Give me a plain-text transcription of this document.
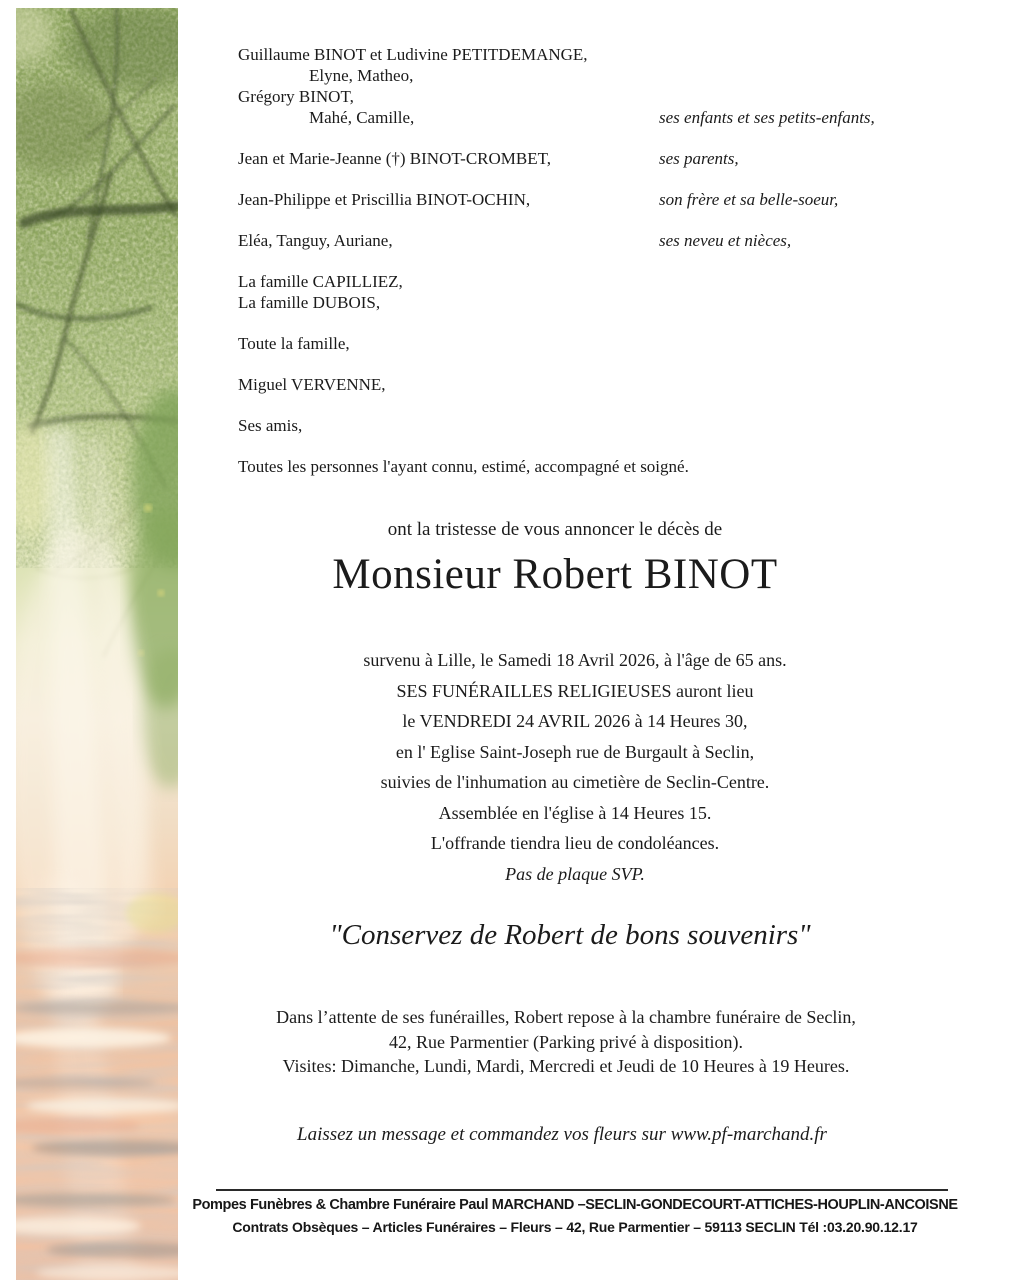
Guillaume BINOT et Ludivine PETITDEMANGE,
Elyne, Matheo,
Grégory BINOT,
Mahé, Camille,	ses enfants et ses petits-enfants,
Jean et Marie-Jeanne (†) BINOT-CROMBET,	ses parents,
Jean-Philippe et Priscillia BINOT-OCHIN,	son frère et sa belle-soeur,
Eléa, Tanguy, Auriane,	ses neveu et nièces,
La famille CAPILLIEZ,
La famille DUBOIS,
Toute la famille,
Miguel VERVENNE,
Ses amis,
Toutes les personnes l'ayant connu, estimé, accompagné et soigné.
ont la tristesse de vous annoncer le décès de
Monsieur Robert BINOT
survenu à Lille, le Samedi 18 Avril 2026, à l'âge de 65 ans.
SES FUNÉRAILLES RELIGIEUSES auront lieu
le VENDREDI 24 AVRIL 2026 à 14 Heures 30,
en l' Eglise Saint-Joseph rue de Burgault à Seclin,
suivies de l'inhumation au cimetière de Seclin-Centre.
Assemblée en l'église à 14 Heures 15.
L'offrande tiendra lieu de condoléances.
Pas de plaque SVP.
"Conservez de Robert de bons souvenirs"
Dans l’attente de ses funérailles, Robert repose à la chambre funéraire de Seclin,
42, Rue Parmentier (Parking privé à disposition).
Visites: Dimanche, Lundi, Mardi, Mercredi et Jeudi de 10 Heures à 19 Heures.
Laissez un message et commandez vos fleurs sur www.pf-marchand.fr
Pompes Funèbres & Chambre Funéraire Paul MARCHAND –SECLIN-GONDECOURT-ATTICHES-HOUPLIN-ANCOISNE
Contrats Obsèques – Articles Funéraires – Fleurs – 42, Rue Parmentier – 59113 SECLIN Tél :03.20.90.12.17
